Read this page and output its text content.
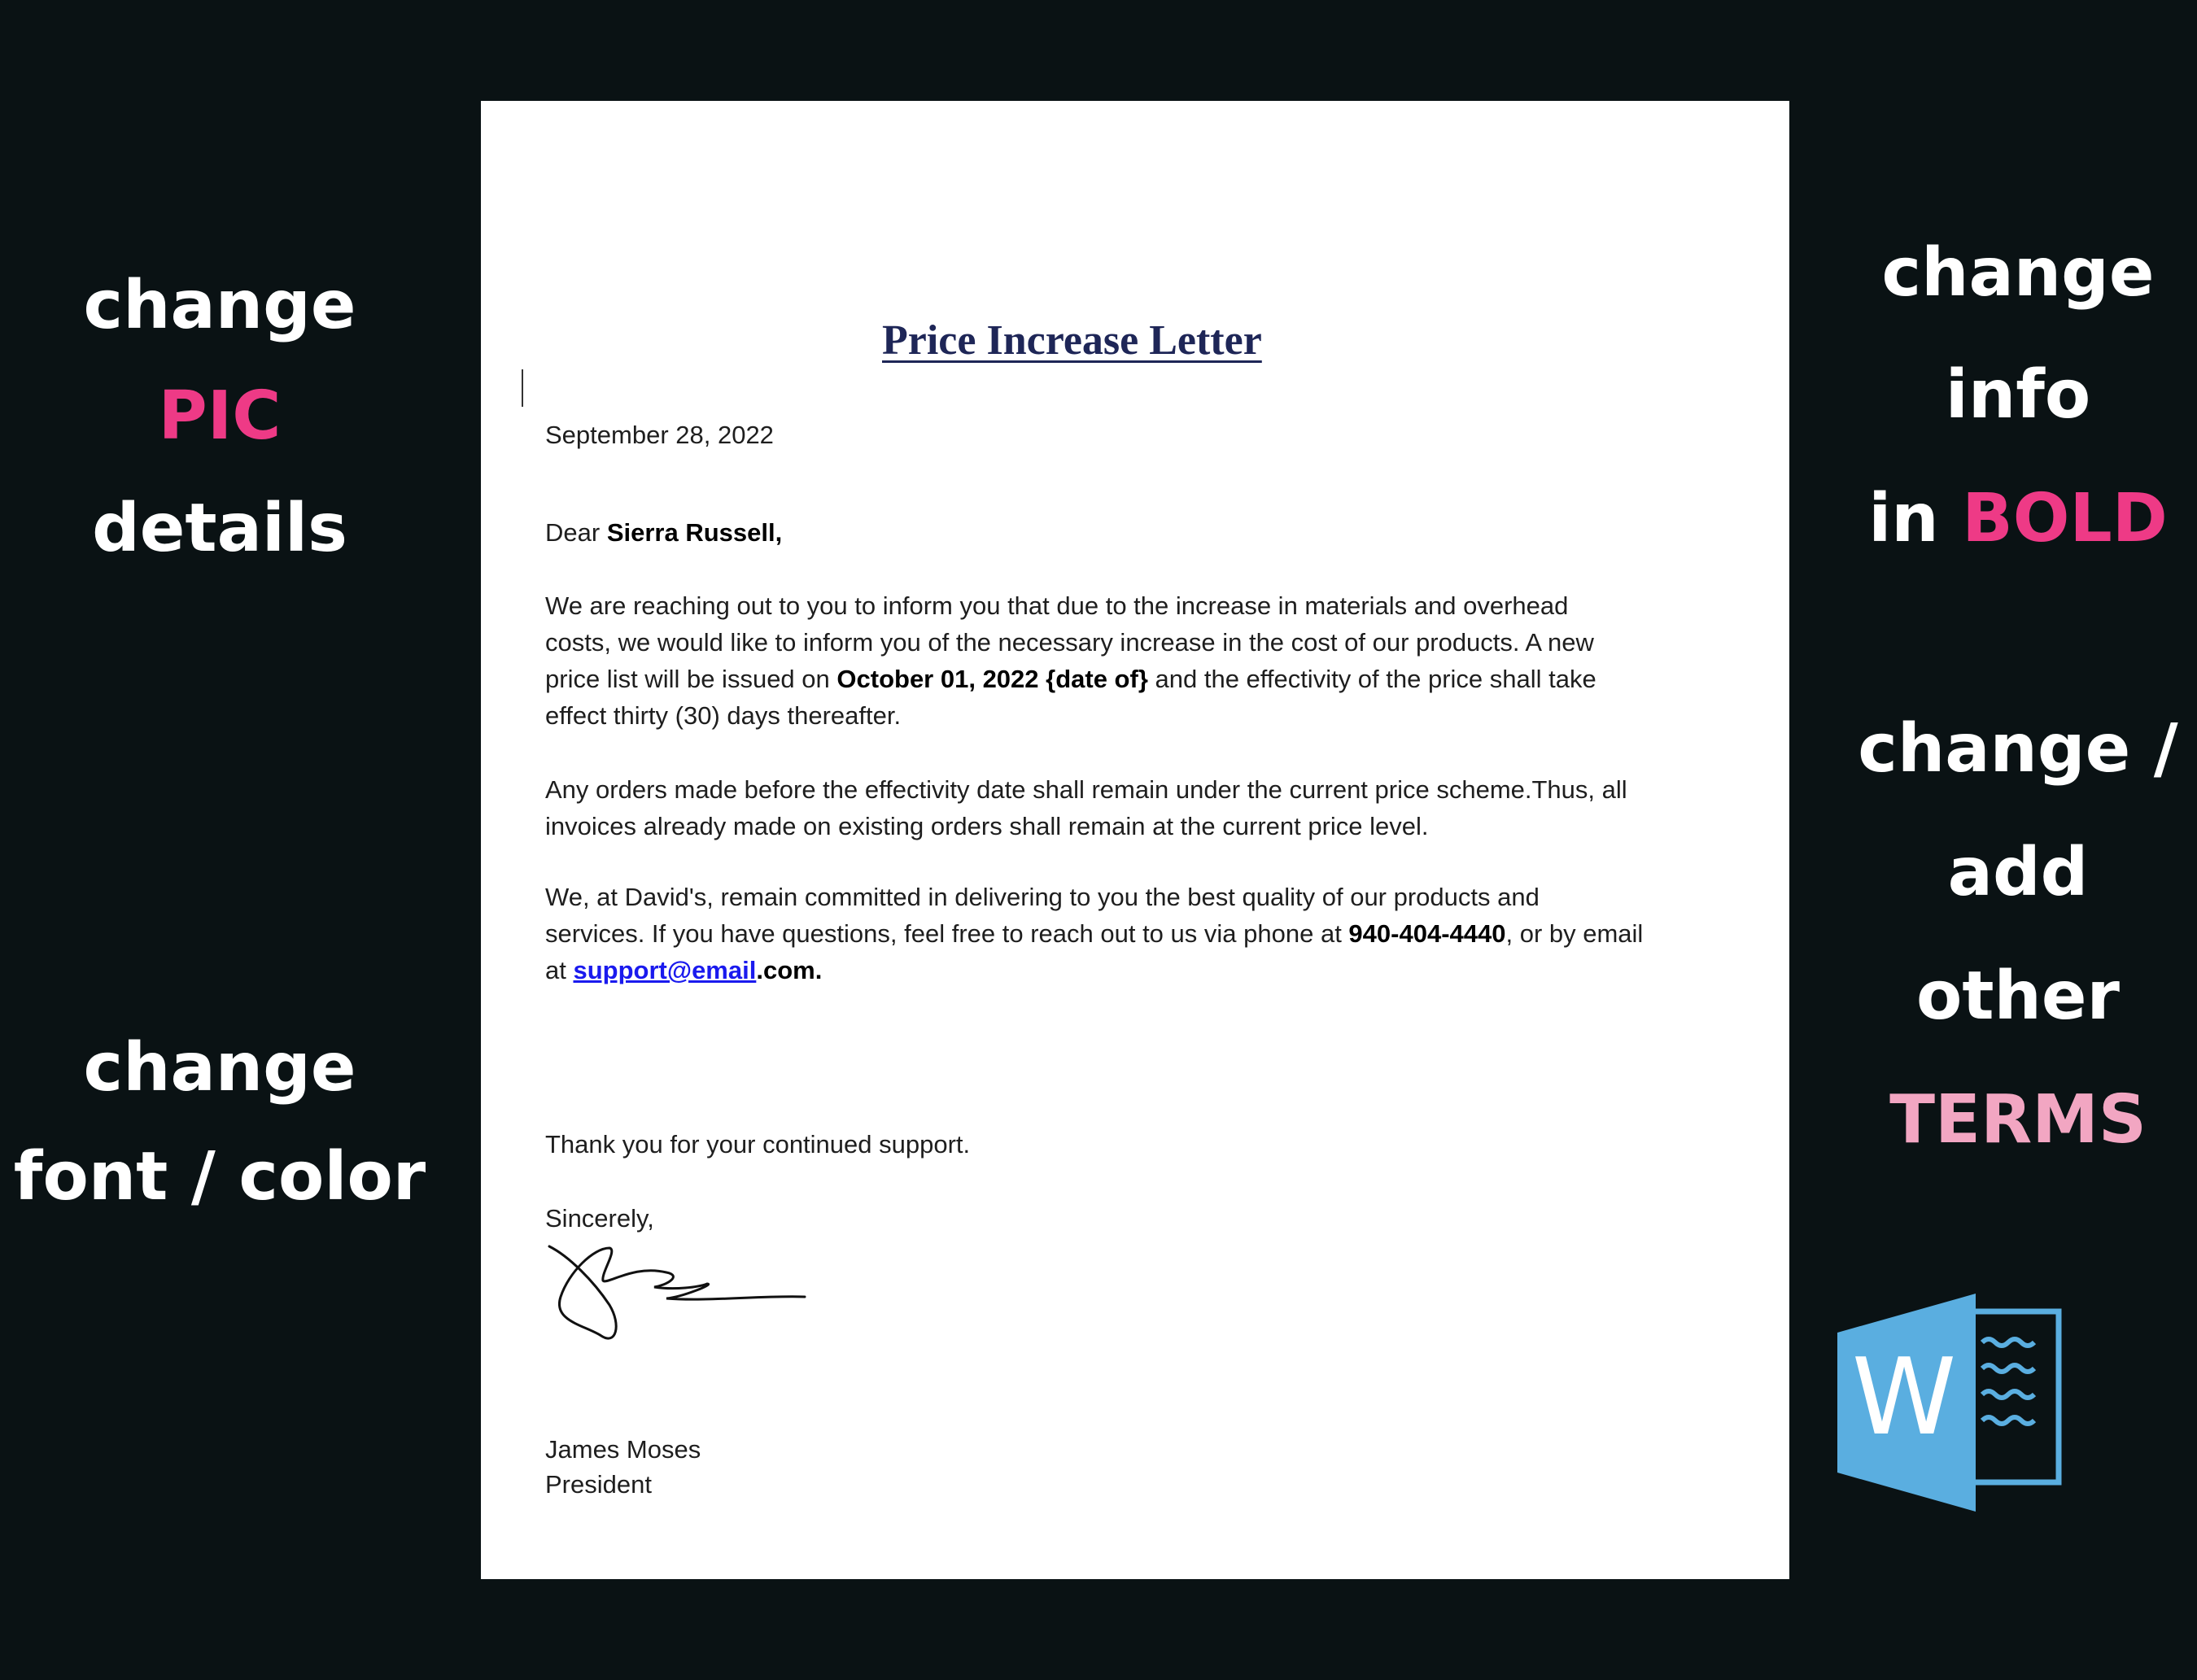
change
PIC
details
change
font / color
change
info
in BOLD
change /
add
other
TERMS
Price Increase Letter
September 28, 2022
Dear Sierra Russell,
We are reaching out to you to inform you that due to the increase in materials and overhead
costs, we would like to inform you of the necessary increase in the cost of our products. A new
price list will be issued on October 01, 2022 {date of} and the effectivity of the price shall take
effect thirty (30) days thereafter.
Any orders made before the effectivity date shall remain under the current price scheme.Thus, all
invoices already made on existing orders shall remain at the current price level.
We, at David's, remain committed in delivering to you the best quality of our products and
services. If you have questions, feel free to reach out to us via phone at 940-404-4440, or by email
at support@email.com.
Thank you for your continued support.
Sincerely,
James Moses
President
W
